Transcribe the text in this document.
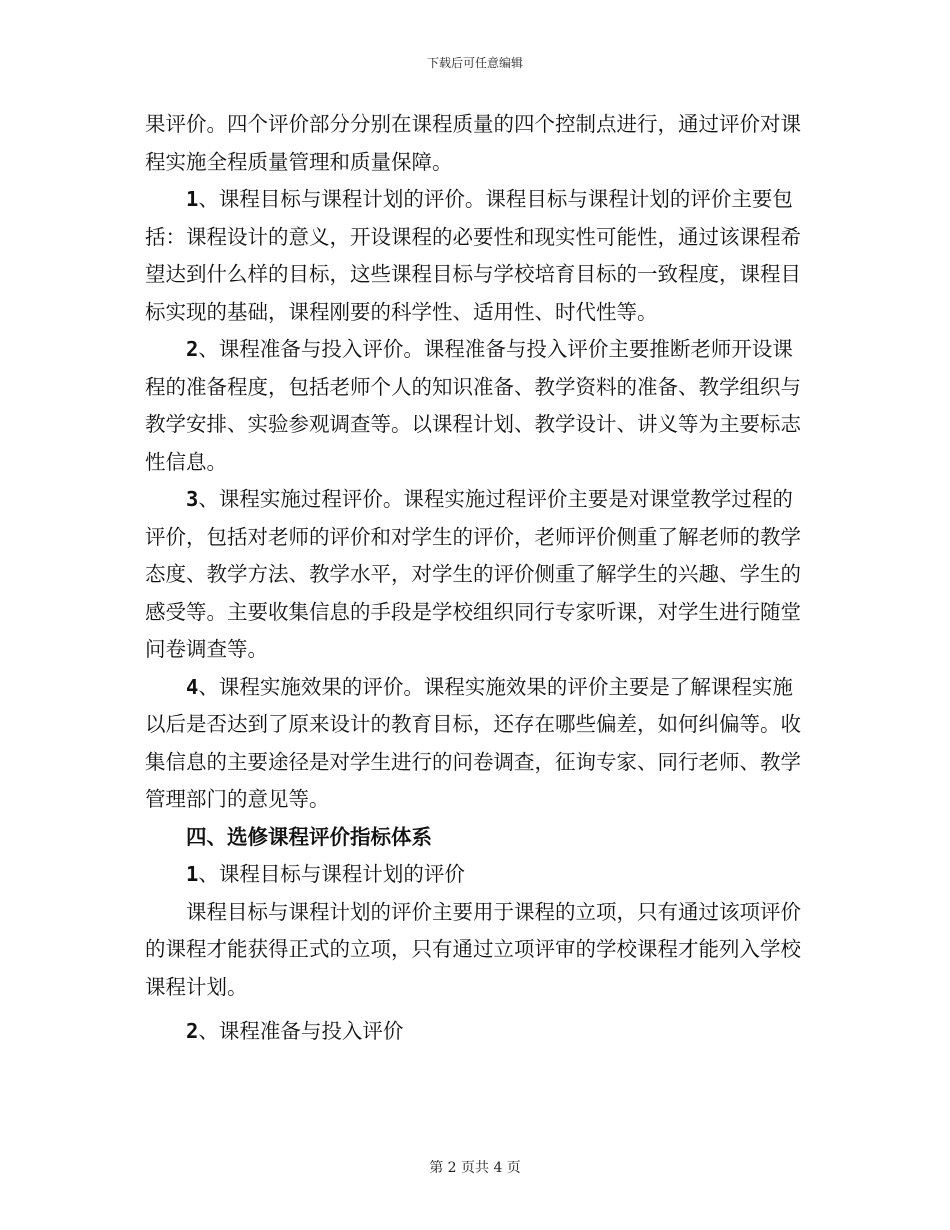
下载后可任意编辑

果评价。四个评价部分分别在课程质量的四个控制点进行，通过评价对课程实施全程质量管理和质量保障。

1、课程目标与课程计划的评价。课程目标与课程计划的评价主要包括：课程设计的意义，开设课程的必要性和现实性可能性，通过该课程希望达到什么样的目标，这些课程目标与学校培育目标的一致程度，课程目标实现的基础，课程刚要的科学性、适用性、时代性等。

2、课程准备与投入评价。课程准备与投入评价主要推断老师开设课程的准备程度，包括老师个人的知识准备、教学资料的准备、教学组织与教学安排、实验参观调查等。以课程计划、教学设计、讲义等为主要标志性信息。

3、课程实施过程评价。课程实施过程评价主要是对课堂教学过程的评价，包括对老师的评价和对学生的评价，老师评价侧重了解老师的教学态度、教学方法、教学水平，对学生的评价侧重了解学生的兴趣、学生的感受等。主要收集信息的手段是学校组织同行专家听课，对学生进行随堂问卷调查等。

4、课程实施效果的评价。课程实施效果的评价主要是了解课程实施以后是否达到了原来设计的教育目标，还存在哪些偏差，如何纠偏等。收集信息的主要途径是对学生进行的问卷调查，征询专家、同行老师、教学管理部门的意见等。

四、选修课程评价指标体系

1、课程目标与课程计划的评价

课程目标与课程计划的评价主要用于课程的立项，只有通过该项评价的课程才能获得正式的立项，只有通过立项评审的学校课程才能列入学校课程计划。

2、课程准备与投入评价

第 2 页共 4 页
